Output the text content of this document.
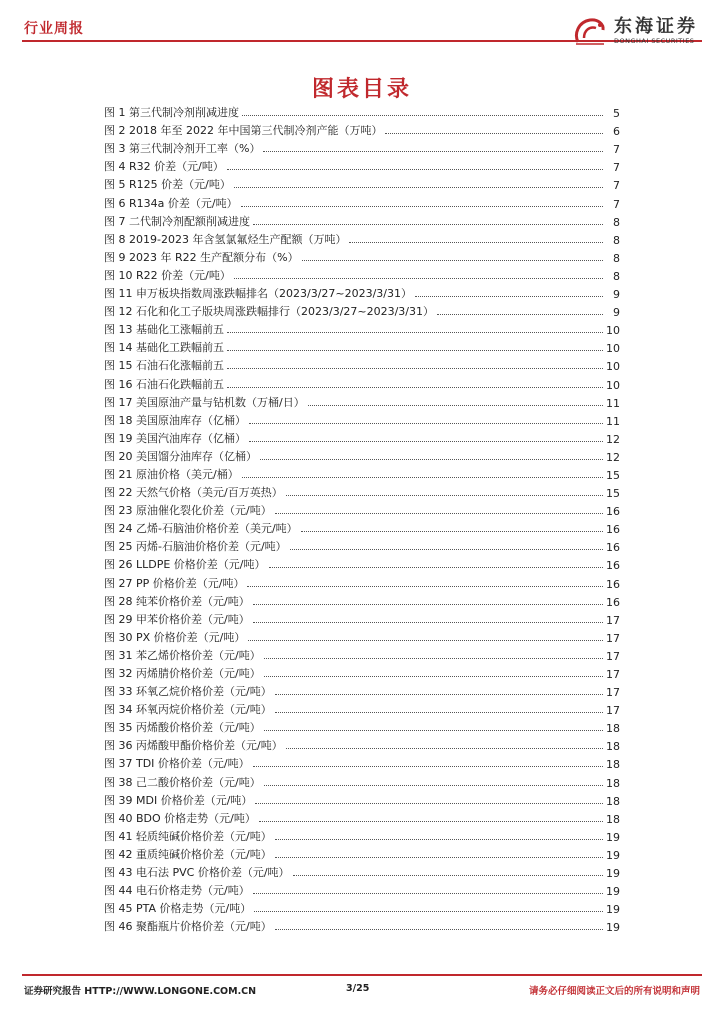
行业周报	东海证券
DONGHAI SECURITIES
图表目录
图 1 第三代制冷剂削减进度	5
图 2 2018 年至 2022 年中国第三代制冷剂产能（万吨）	6
图 3 第三代制冷剂开工率（%）	7
图 4 R32 价差（元/吨）	7
图 5 R125 价差（元/吨）	7
图 6 R134a 价差（元/吨）	7
图 7 二代制冷剂配额削减进度	8
图 8 2019-2023 年含氢氯氟烃生产配额（万吨）	8
图 9 2023 年 R22 生产配额分布（%）	8
图 10 R22 价差（元/吨）	8
图 11 申万板块指数周涨跌幅排名（2023/3/27~2023/3/31）	9
图 12 石化和化工子版块周涨跌幅排行（2023/3/27~2023/3/31）	9
图 13 基础化工涨幅前五	10
图 14 基础化工跌幅前五	10
图 15 石油石化涨幅前五	10
图 16 石油石化跌幅前五	10
图 17 美国原油产量与钻机数（万桶/日）	11
图 18 美国原油库存（亿桶）	11
图 19 美国汽油库存（亿桶）	12
图 20 美国馏分油库存（亿桶）	12
图 21 原油价格（美元/桶）	15
图 22 天然气价格（美元/百万英热）	15
图 23 原油催化裂化价差（元/吨）	16
图 24 乙烯-石脑油价格价差（美元/吨）	16
图 25 丙烯-石脑油价格价差（元/吨）	16
图 26 LLDPE 价格价差（元/吨）	16
图 27 PP 价格价差（元/吨）	16
图 28 纯苯价格价差（元/吨）	16
图 29 甲苯价格价差（元/吨）	17
图 30 PX 价格价差（元/吨）	17
图 31 苯乙烯价格价差（元/吨）	17
图 32 丙烯腈价格价差（元/吨）	17
图 33 环氧乙烷价格价差（元/吨）	17
图 34 环氧丙烷价格价差（元/吨）	17
图 35 丙烯酸价格价差（元/吨）	18
图 36 丙烯酸甲酯价格价差（元/吨）	18
图 37 TDI 价格价差（元/吨）	18
图 38 己二酸价格价差（元/吨）	18
图 39 MDI 价格价差（元/吨）	18
图 40 BDO 价格走势（元/吨）	18
图 41 轻质纯碱价格价差（元/吨）	19
图 42 重质纯碱价格价差（元/吨）	19
图 43 电石法 PVC 价格价差（元/吨）	19
图 44 电石价格走势（元/吨）	19
图 45 PTA 价格走势（元/吨）	19
图 46 聚酯瓶片价格价差（元/吨）	19
证券研究报告 HTTP://WWW.LONGONE.COM.CN	3/25	请务必仔细阅读正文后的所有说明和声明
